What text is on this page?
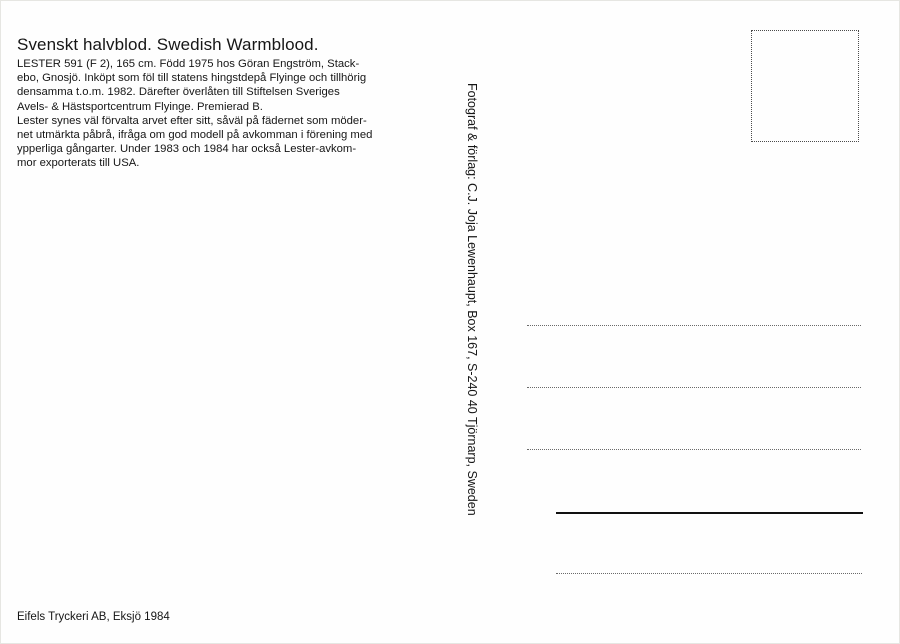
Svenskt halvblod. Swedish Warmblood.
LESTER 591 (F 2), 165 cm. Född 1975 hos Göran Engström, Stack-
ebo, Gnosjö. Inköpt som föl till statens hingstdepå Flyinge och tillhörig
densamma t.o.m. 1982. Därefter överlåten till Stiftelsen Sveriges
Avels- & Hästsportcentrum Flyinge. Premierad B.
Lester synes väl förvalta arvet efter sitt, såväl på fädernet som möder-
net utmärkta påbrå, ifråga om god modell på avkomman i förening med
ypperliga gångarter. Under 1983 och 1984 har också Lester-avkom-
mor exporterats till USA.	Fotograf & förlag: C.J. Joja Lewenhaupt, Box 167, S-240 40 Tjörnarp, Sweden
Eifels Tryckeri AB, Eksjö 1984
